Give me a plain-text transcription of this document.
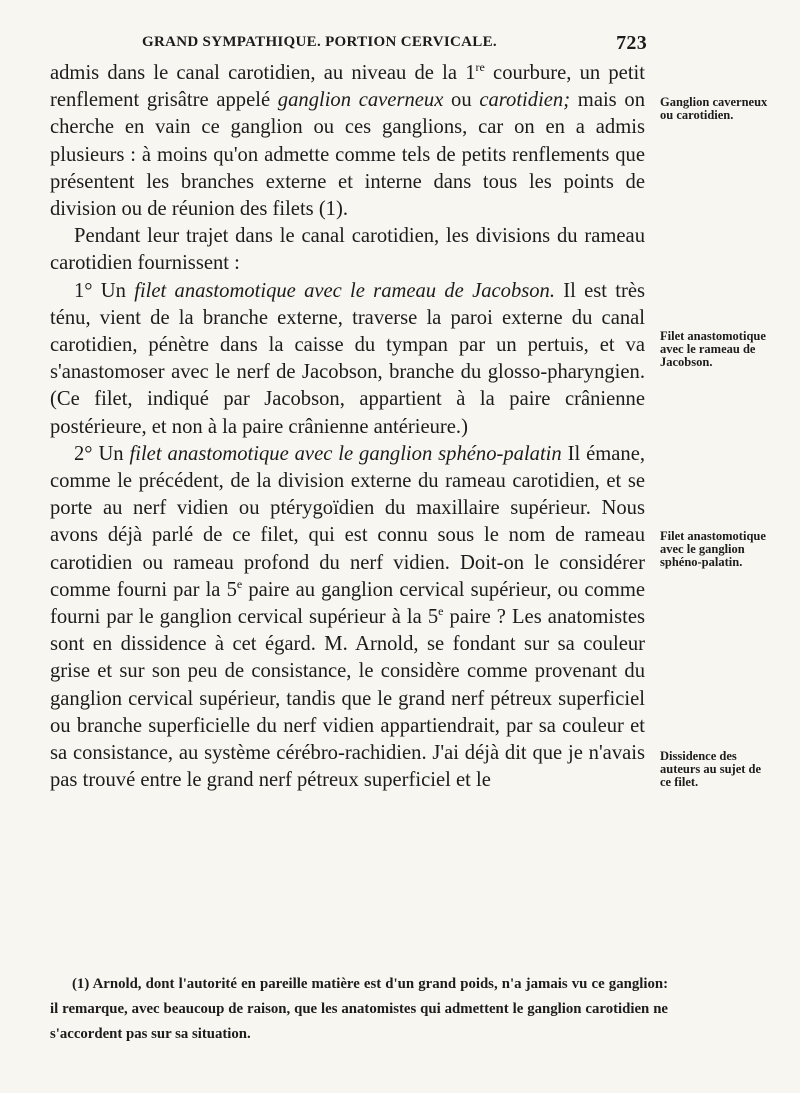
GRAND SYMPATHIQUE. PORTION CERVICALE.	723

admis dans le canal carotidien, au niveau de la 1re courbure, un petit renflement grisâtre appelé ganglion caverneux ou carotidien; mais on cherche en vain ce ganglion ou ces ganglions, car on en a admis plusieurs : à moins qu'on admette comme tels de petits renflements que présentent les branches externe et interne dans tous les points de division ou de réunion des filets (1).

Pendant leur trajet dans le canal carotidien, les divisions du rameau carotidien fournissent :

1° Un filet anastomotique avec le rameau de Jacobson. Il est très ténu, vient de la branche externe, traverse la paroi externe du canal carotidien, pénètre dans la caisse du tympan par un pertuis, et va s'anastomoser avec le nerf de Jacobson, branche du glosso-pharyngien. (Ce filet, indiqué par Jacobson, appartient à la paire crânienne postérieure, et non à la paire crânienne antérieure.)

2° Un filet anastomotique avec le ganglion sphéno-palatin Il émane, comme le précédent, de la division externe du rameau carotidien, et se porte au nerf vidien ou ptérygoïdien du maxillaire supérieur. Nous avons déjà parlé de ce filet, qui est connu sous le nom de rameau carotidien ou rameau profond du nerf vidien. Doit-on le considérer comme fourni par la 5e paire au ganglion cervical supérieur, ou comme fourni par le ganglion cervical supérieur à la 5e paire ? Les anatomistes sont en dissidence à cet égard. M. Arnold, se fondant sur sa couleur grise et sur son peu de consistance, le considère comme provenant du ganglion cervical supérieur, tandis que le grand nerf pétreux superficiel ou branche superficielle du nerf vidien appartiendrait, par sa couleur et sa consistance, au système cérébro-rachidien. J'ai déjà dit que je n'avais pas trouvé entre le grand nerf pétreux superficiel et le

Ganglion caverneux ou carotidien.
Filet anastomotique avec le rameau de Jacobson.
Filet anastomotique avec le ganglion sphéno-palatin.
Dissidence des auteurs au sujet de ce filet.

(1) Arnold, dont l'autorité en pareille matière est d'un grand poids, n'a jamais vu ce ganglion: il remarque, avec beaucoup de raison, que les anatomistes qui admettent le ganglion carotidien ne s'accordent pas sur sa situation.
